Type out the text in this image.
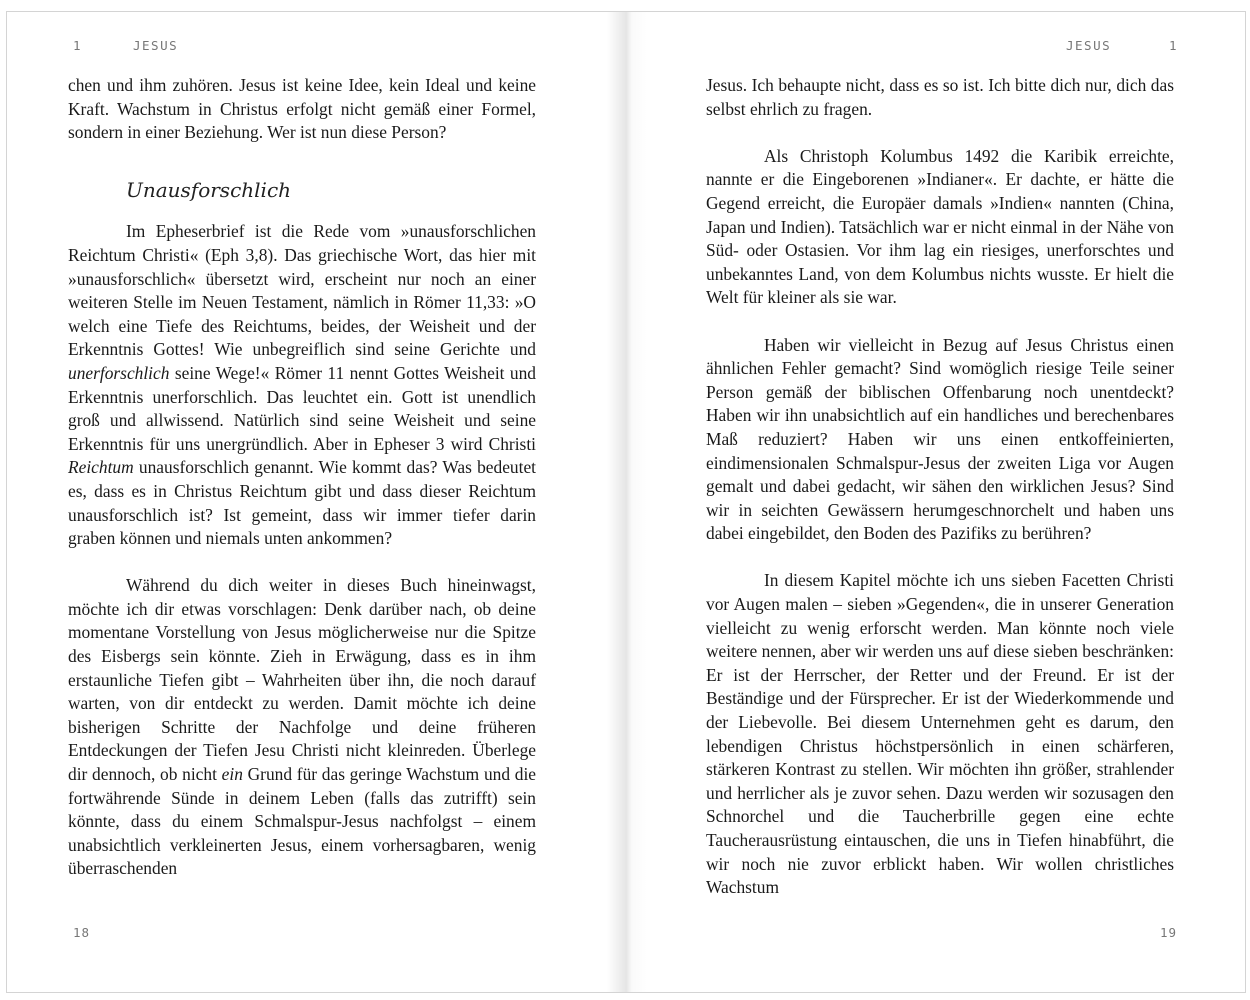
1	JESUS

chen und ihm zuhören. Jesus ist keine Idee, kein Ideal und keine Kraft. Wachstum in Christus erfolgt nicht gemäß einer Formel, sondern in einer Beziehung. Wer ist nun diese Person?

Unausforschlich

Im Epheserbrief ist die Rede vom »unausforschlichen Reichtum Christi« (Eph 3,8). Das griechische Wort, das hier mit »unausforschlich« übersetzt wird, erscheint nur noch an einer weiteren Stelle im Neuen Testament, nämlich in Römer 11,33: »O welch eine Tiefe des Reichtums, beides, der Weisheit und der Erkenntnis Gottes! Wie unbegreiflich sind seine Gerichte und unerforschlich seine Wege!« Römer 11 nennt Gottes Weisheit und Erkenntnis unerforschlich. Das leuchtet ein. Gott ist unendlich groß und allwissend. Natürlich sind seine Weisheit und seine Erkenntnis für uns unergründlich. Aber in Epheser 3 wird Christi Reichtum unausforschlich genannt. Wie kommt das? Was bedeutet es, dass es in Christus Reichtum gibt und dass dieser Reichtum unausforschlich ist? Ist gemeint, dass wir immer tiefer darin graben können und niemals unten ankommen?

Während du dich weiter in dieses Buch hineinwagst, möchte ich dir etwas vorschlagen: Denk darüber nach, ob deine momentane Vorstellung von Jesus möglicherweise nur die Spitze des Eisbergs sein könnte. Zieh in Erwägung, dass es in ihm erstaunliche Tiefen gibt – Wahrheiten über ihn, die noch darauf warten, von dir entdeckt zu werden. Damit möchte ich deine bisherigen Schritte der Nachfolge und deine früheren Entdeckungen der Tiefen Jesu Christi nicht kleinreden. Überlege dir dennoch, ob nicht ein Grund für das geringe Wachstum und die fortwährende Sünde in deinem Leben (falls das zutrifft) sein könnte, dass du einem Schmalspur-Jesus nachfolgst – einem unabsichtlich verkleinerten Jesus, einem vorhersagbaren, wenig überraschenden

18
JESUS	1

Jesus. Ich behaupte nicht, dass es so ist. Ich bitte dich nur, dich das selbst ehrlich zu fragen.

Als Christoph Kolumbus 1492 die Karibik erreichte, nannte er die Eingeborenen »Indianer«. Er dachte, er hätte die Gegend erreicht, die Europäer damals »Indien« nannten (China, Japan und Indien). Tatsächlich war er nicht einmal in der Nähe von Süd- oder Ostasien. Vor ihm lag ein riesiges, unerforschtes und unbekanntes Land, von dem Kolumbus nichts wusste. Er hielt die Welt für kleiner als sie war.

Haben wir vielleicht in Bezug auf Jesus Christus einen ähnlichen Fehler gemacht? Sind womöglich riesige Teile seiner Person gemäß der biblischen Offenbarung noch unentdeckt? Haben wir ihn unabsichtlich auf ein handliches und berechenbares Maß reduziert? Haben wir uns einen entkoffeinierten, eindimensionalen Schmalspur-Jesus der zweiten Liga vor Augen gemalt und dabei gedacht, wir sähen den wirklichen Jesus? Sind wir in seichten Gewässern herumgeschnorchelt und haben uns dabei eingebildet, den Boden des Pazifiks zu berühren?

In diesem Kapitel möchte ich uns sieben Facetten Christi vor Augen malen – sieben »Gegenden«, die in unserer Generation vielleicht zu wenig erforscht werden. Man könnte noch viele weitere nennen, aber wir werden uns auf diese sieben beschränken: Er ist der Herrscher, der Retter und der Freund. Er ist der Beständige und der Fürsprecher. Er ist der Wiederkommende und der Liebevolle. Bei diesem Unternehmen geht es darum, den lebendigen Christus höchstpersönlich in einen schärferen, stärkeren Kontrast zu stellen. Wir möchten ihn größer, strahlender und herrlicher als je zuvor sehen. Dazu werden wir sozusagen den Schnorchel und die Taucherbrille gegen eine echte Taucherausrüstung eintauschen, die uns in Tiefen hinabführt, die wir noch nie zuvor erblickt haben. Wir wollen christliches Wachstum

19
